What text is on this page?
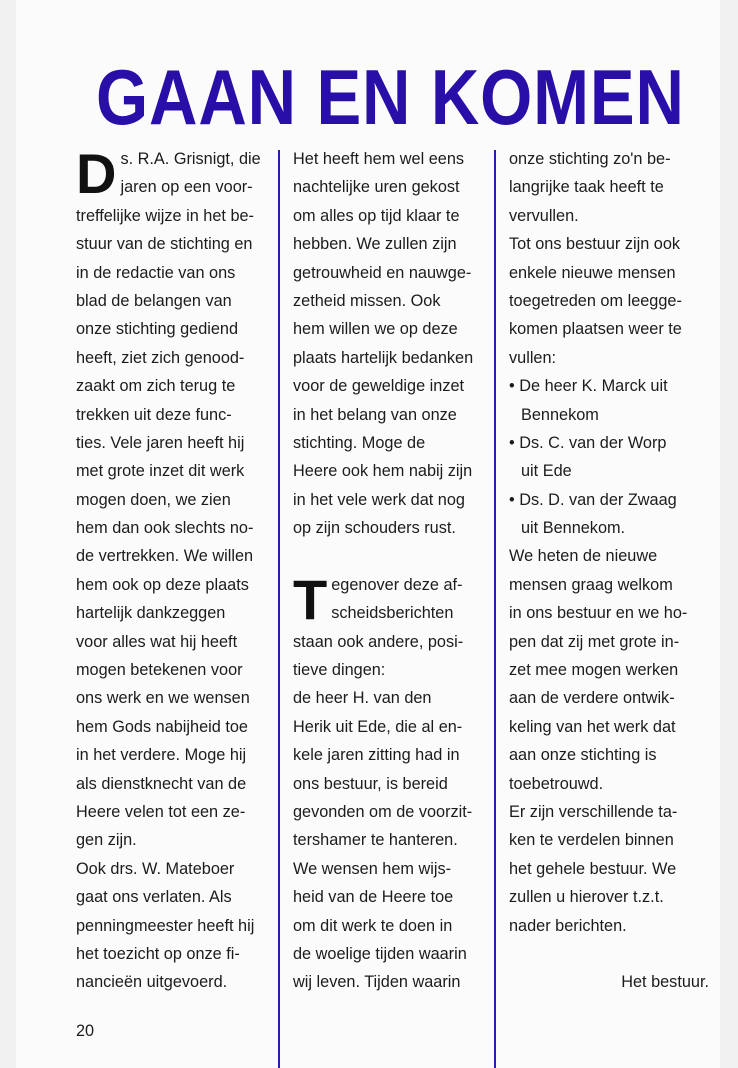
GAAN EN KOMEN
D s. R.A. Grisnigt, die
jaren op een voor-
treffelijke wijze in het be-
stuur van de stichting en
in de redactie van ons
blad de belangen van
onze stichting gediend
heeft, ziet zich genood-
zaakt om zich terug te
trekken uit deze func-
ties. Vele jaren heeft hij
met grote inzet dit werk
mogen doen, we zien
hem dan ook slechts no-
de vertrekken. We willen
hem ook op deze plaats
hartelijk dankzeggen
voor alles wat hij heeft
mogen betekenen voor
ons werk en we wensen
hem Gods nabijheid toe
in het verdere. Moge hij
als dienstknecht van de
Heere velen tot een ze-
gen zijn.
Ook drs. W. Mateboer
gaat ons verlaten. Als
penningmeester heeft hij
het toezicht op onze fi-
nancieën uitgevoerd.
Het heeft hem wel eens
nachtelijke uren gekost
om alles op tijd klaar te
hebben. We zullen zijn
getrouwheid en nauwge-
zetheid missen. Ook
hem willen we op deze
plaats hartelijk bedanken
voor de geweldige inzet
in het belang van onze
stichting. Moge de
Heere ook hem nabij zijn
in het vele werk dat nog
op zijn schouders rust.
T egenover deze af-
scheidsberichten
staan ook andere, posi-
tieve dingen:
de heer H. van den
Herik uit Ede, die al en-
kele jaren zitting had in
ons bestuur, is bereid
gevonden om de voorzit-
tershamer te hanteren.
We wensen hem wijs-
heid van de Heere toe
om dit werk te doen in
de woelige tijden waarin
wij leven. Tijden waarin
onze stichting zo'n be-
langrijke taak heeft te
vervullen.
Tot ons bestuur zijn ook
enkele nieuwe mensen
toegetreden om leegge-
komen plaatsen weer te
vullen:
• De heer K. Marck uit
Bennekom
• Ds. C. van der Worp
uit Ede
• Ds. D. van der Zwaag
uit Bennekom.
We heten de nieuwe
mensen graag welkom
in ons bestuur en we ho-
pen dat zij met grote in-
zet mee mogen werken
aan de verdere ontwik-
keling van het werk dat
aan onze stichting is
toebetrouwd.
Er zijn verschillende ta-
ken te verdelen binnen
het gehele bestuur. We
zullen u hierover t.z.t.
nader berichten.
Het bestuur.
20
